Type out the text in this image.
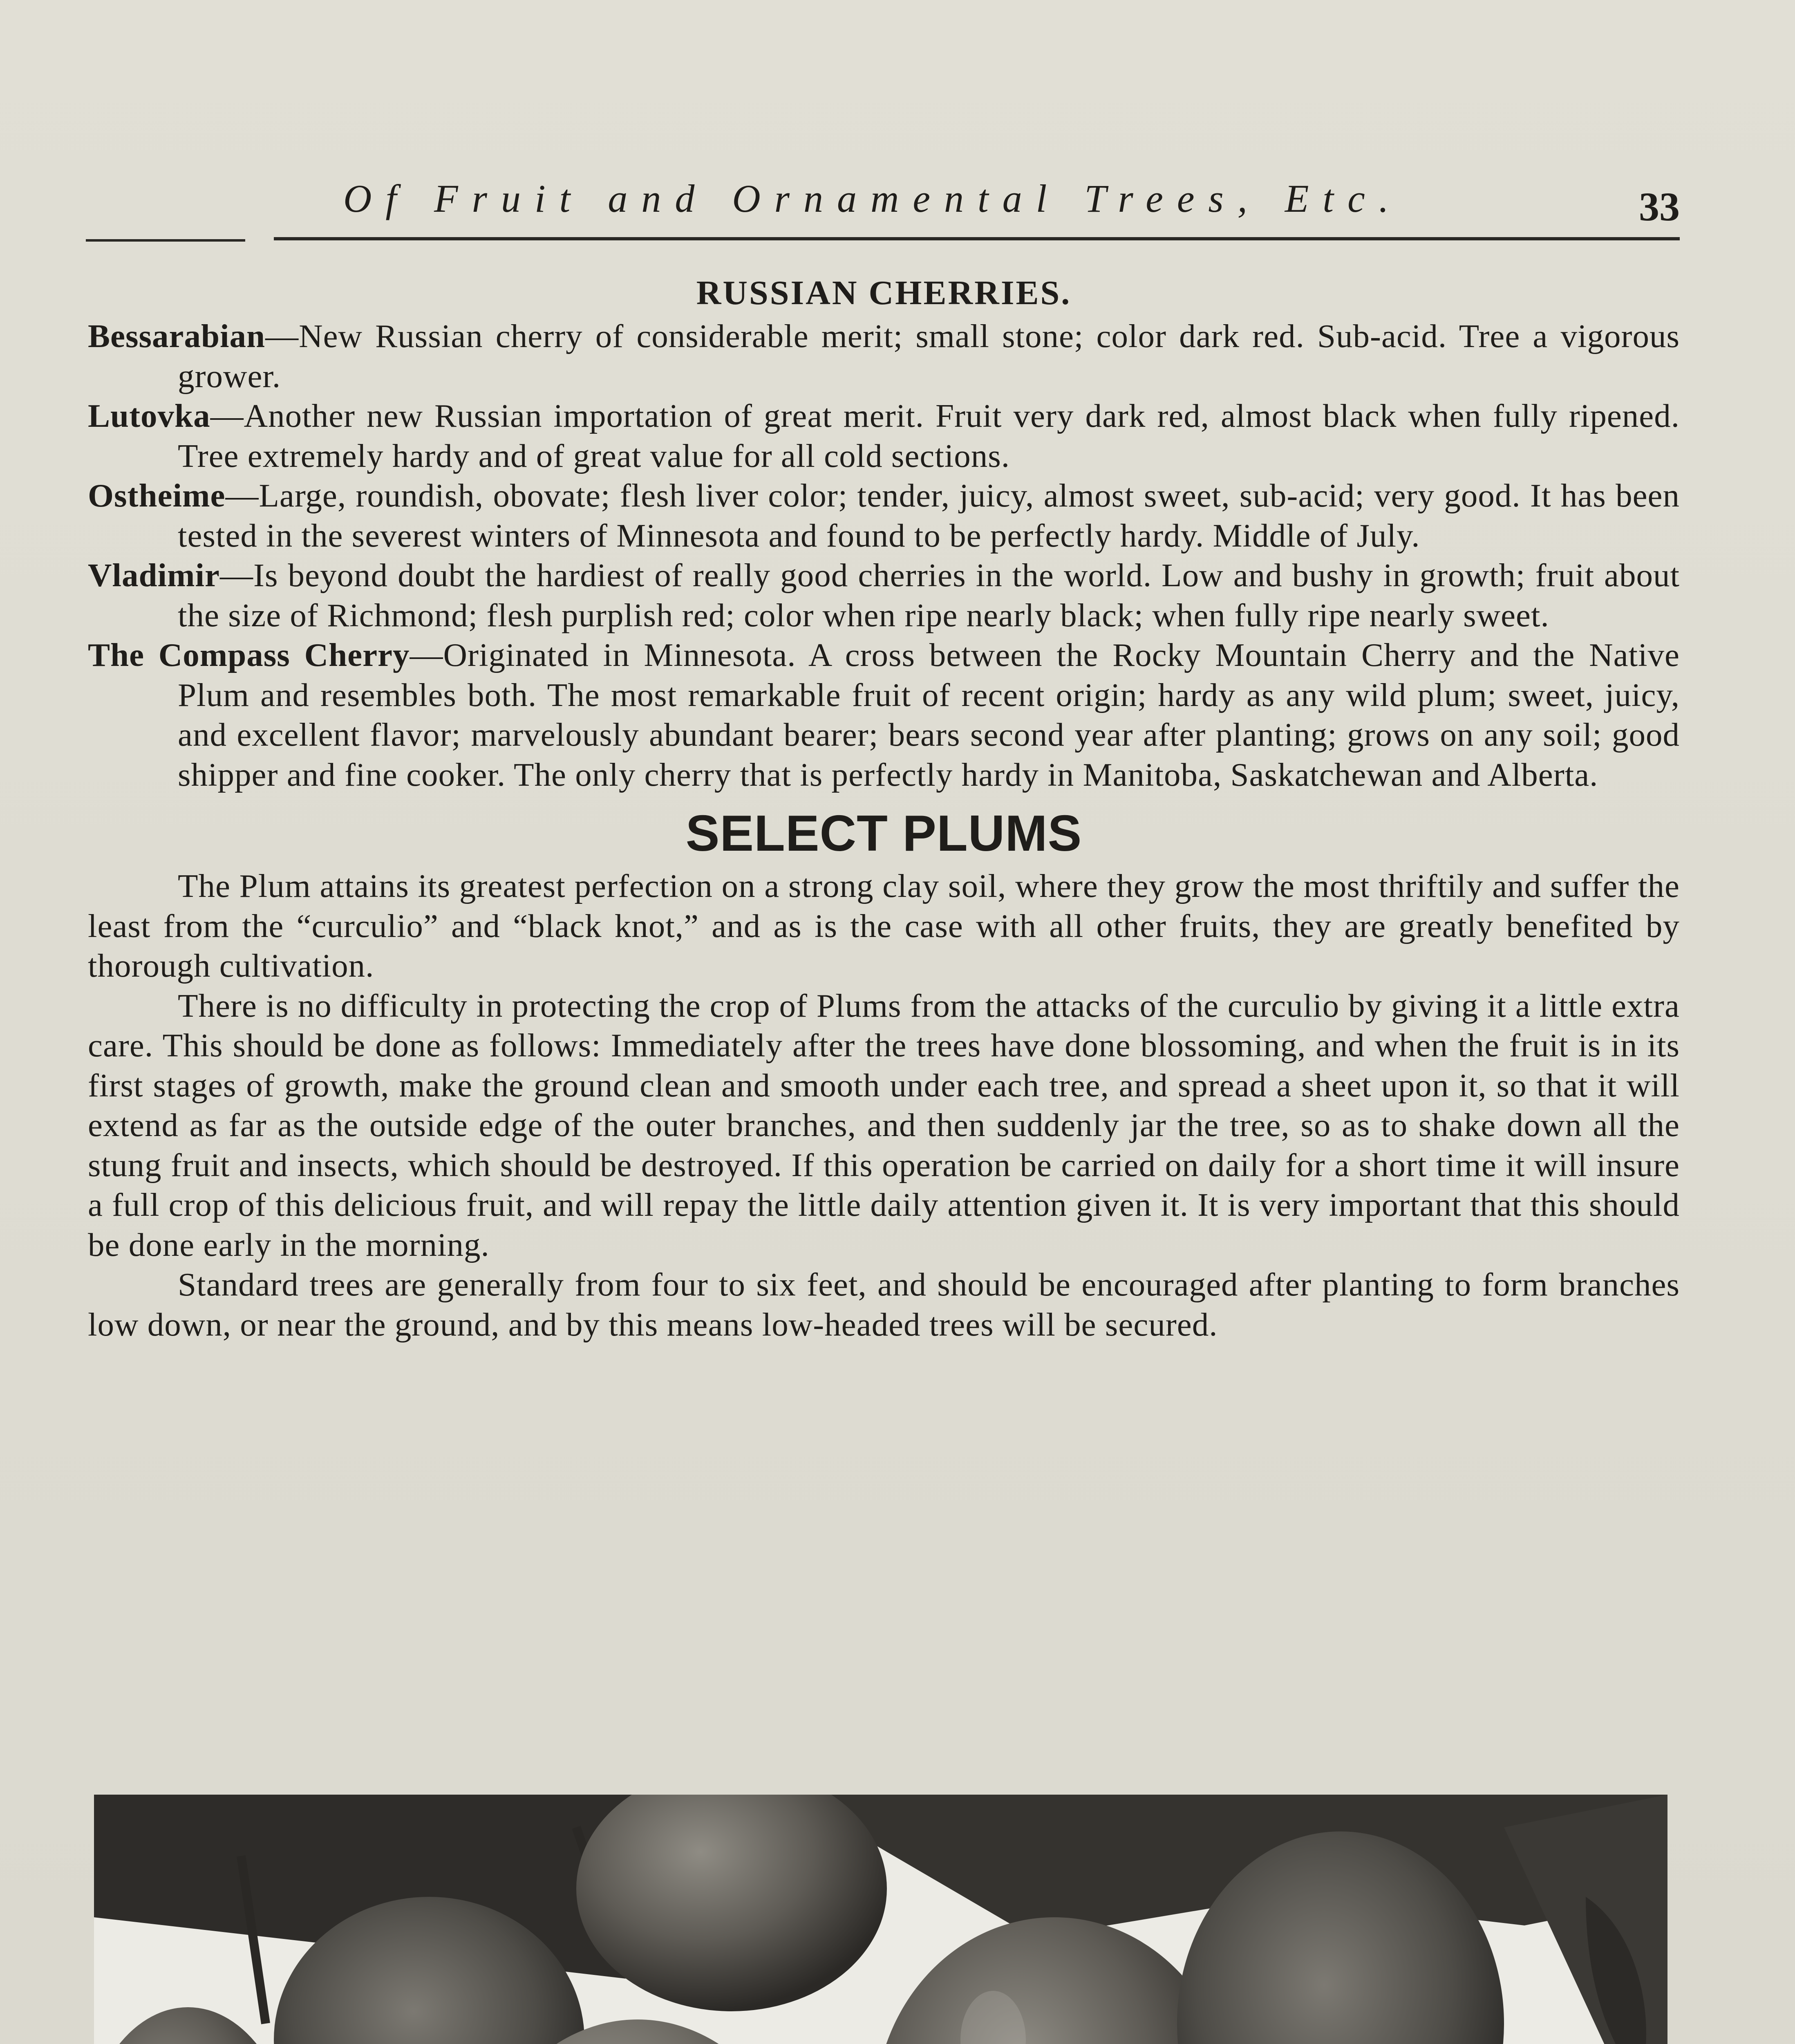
Of Fruit and Ornamental Trees, Etc.	33
RUSSIAN CHERRIES.

Bessarabian—New Russian cherry of considerable merit; small stone; color dark red. Sub-acid. Tree a vigorous grower.

Lutovka—Another new Russian importation of great merit. Fruit very dark red, almost black when fully ripened. Tree extremely hardy and of great value for all cold sections.

Ostheime—Large, roundish, obovate; flesh liver color; tender, juicy, almost sweet, sub-acid; very good. It has been tested in the severest winters of Minnesota and found to be perfectly hardy. Middle of July.

Vladimir—Is beyond doubt the hardiest of really good cherries in the world. Low and bushy in growth; fruit about the size of Richmond; flesh purplish red; color when ripe nearly black; when fully ripe nearly sweet.

The Compass Cherry—Originated in Minnesota. A cross between the Rocky Mountain Cherry and the Native Plum and resembles both. The most remarkable fruit of recent origin; hardy as any wild plum; sweet, juicy, and excellent flavor; marvelously abundant bearer; bears second year after planting; grows on any soil; good shipper and fine cooker. The only cherry that is perfectly hardy in Manitoba, Saskatchewan and Alberta.

SELECT PLUMS

The Plum attains its greatest perfection on a strong clay soil, where they grow the most thriftily and suffer the least from the “curculio” and “black knot,” and as is the case with all other fruits, they are greatly benefited by thorough cultivation.

There is no difficulty in protecting the crop of Plums from the attacks of the curculio by giving it a little extra care. This should be done as follows: Immediately after the trees have done blossoming, and when the fruit is in its first stages of growth, make the ground clean and smooth under each tree, and spread a sheet upon it, so that it will extend as far as the outside edge of the outer branches, and then suddenly jar the tree, so as to shake down all the stung fruit and insects, which should be destroyed. If this operation be carried on daily for a short time it will insure a full crop of this delicious fruit, and will repay the little daily attention given it. It is very important that this should be done early in the morning.

Standard trees are generally from four to six feet, and should be encouraged after planting to form branches low down, or near the ground, and by this means low-headed trees will be secured.
